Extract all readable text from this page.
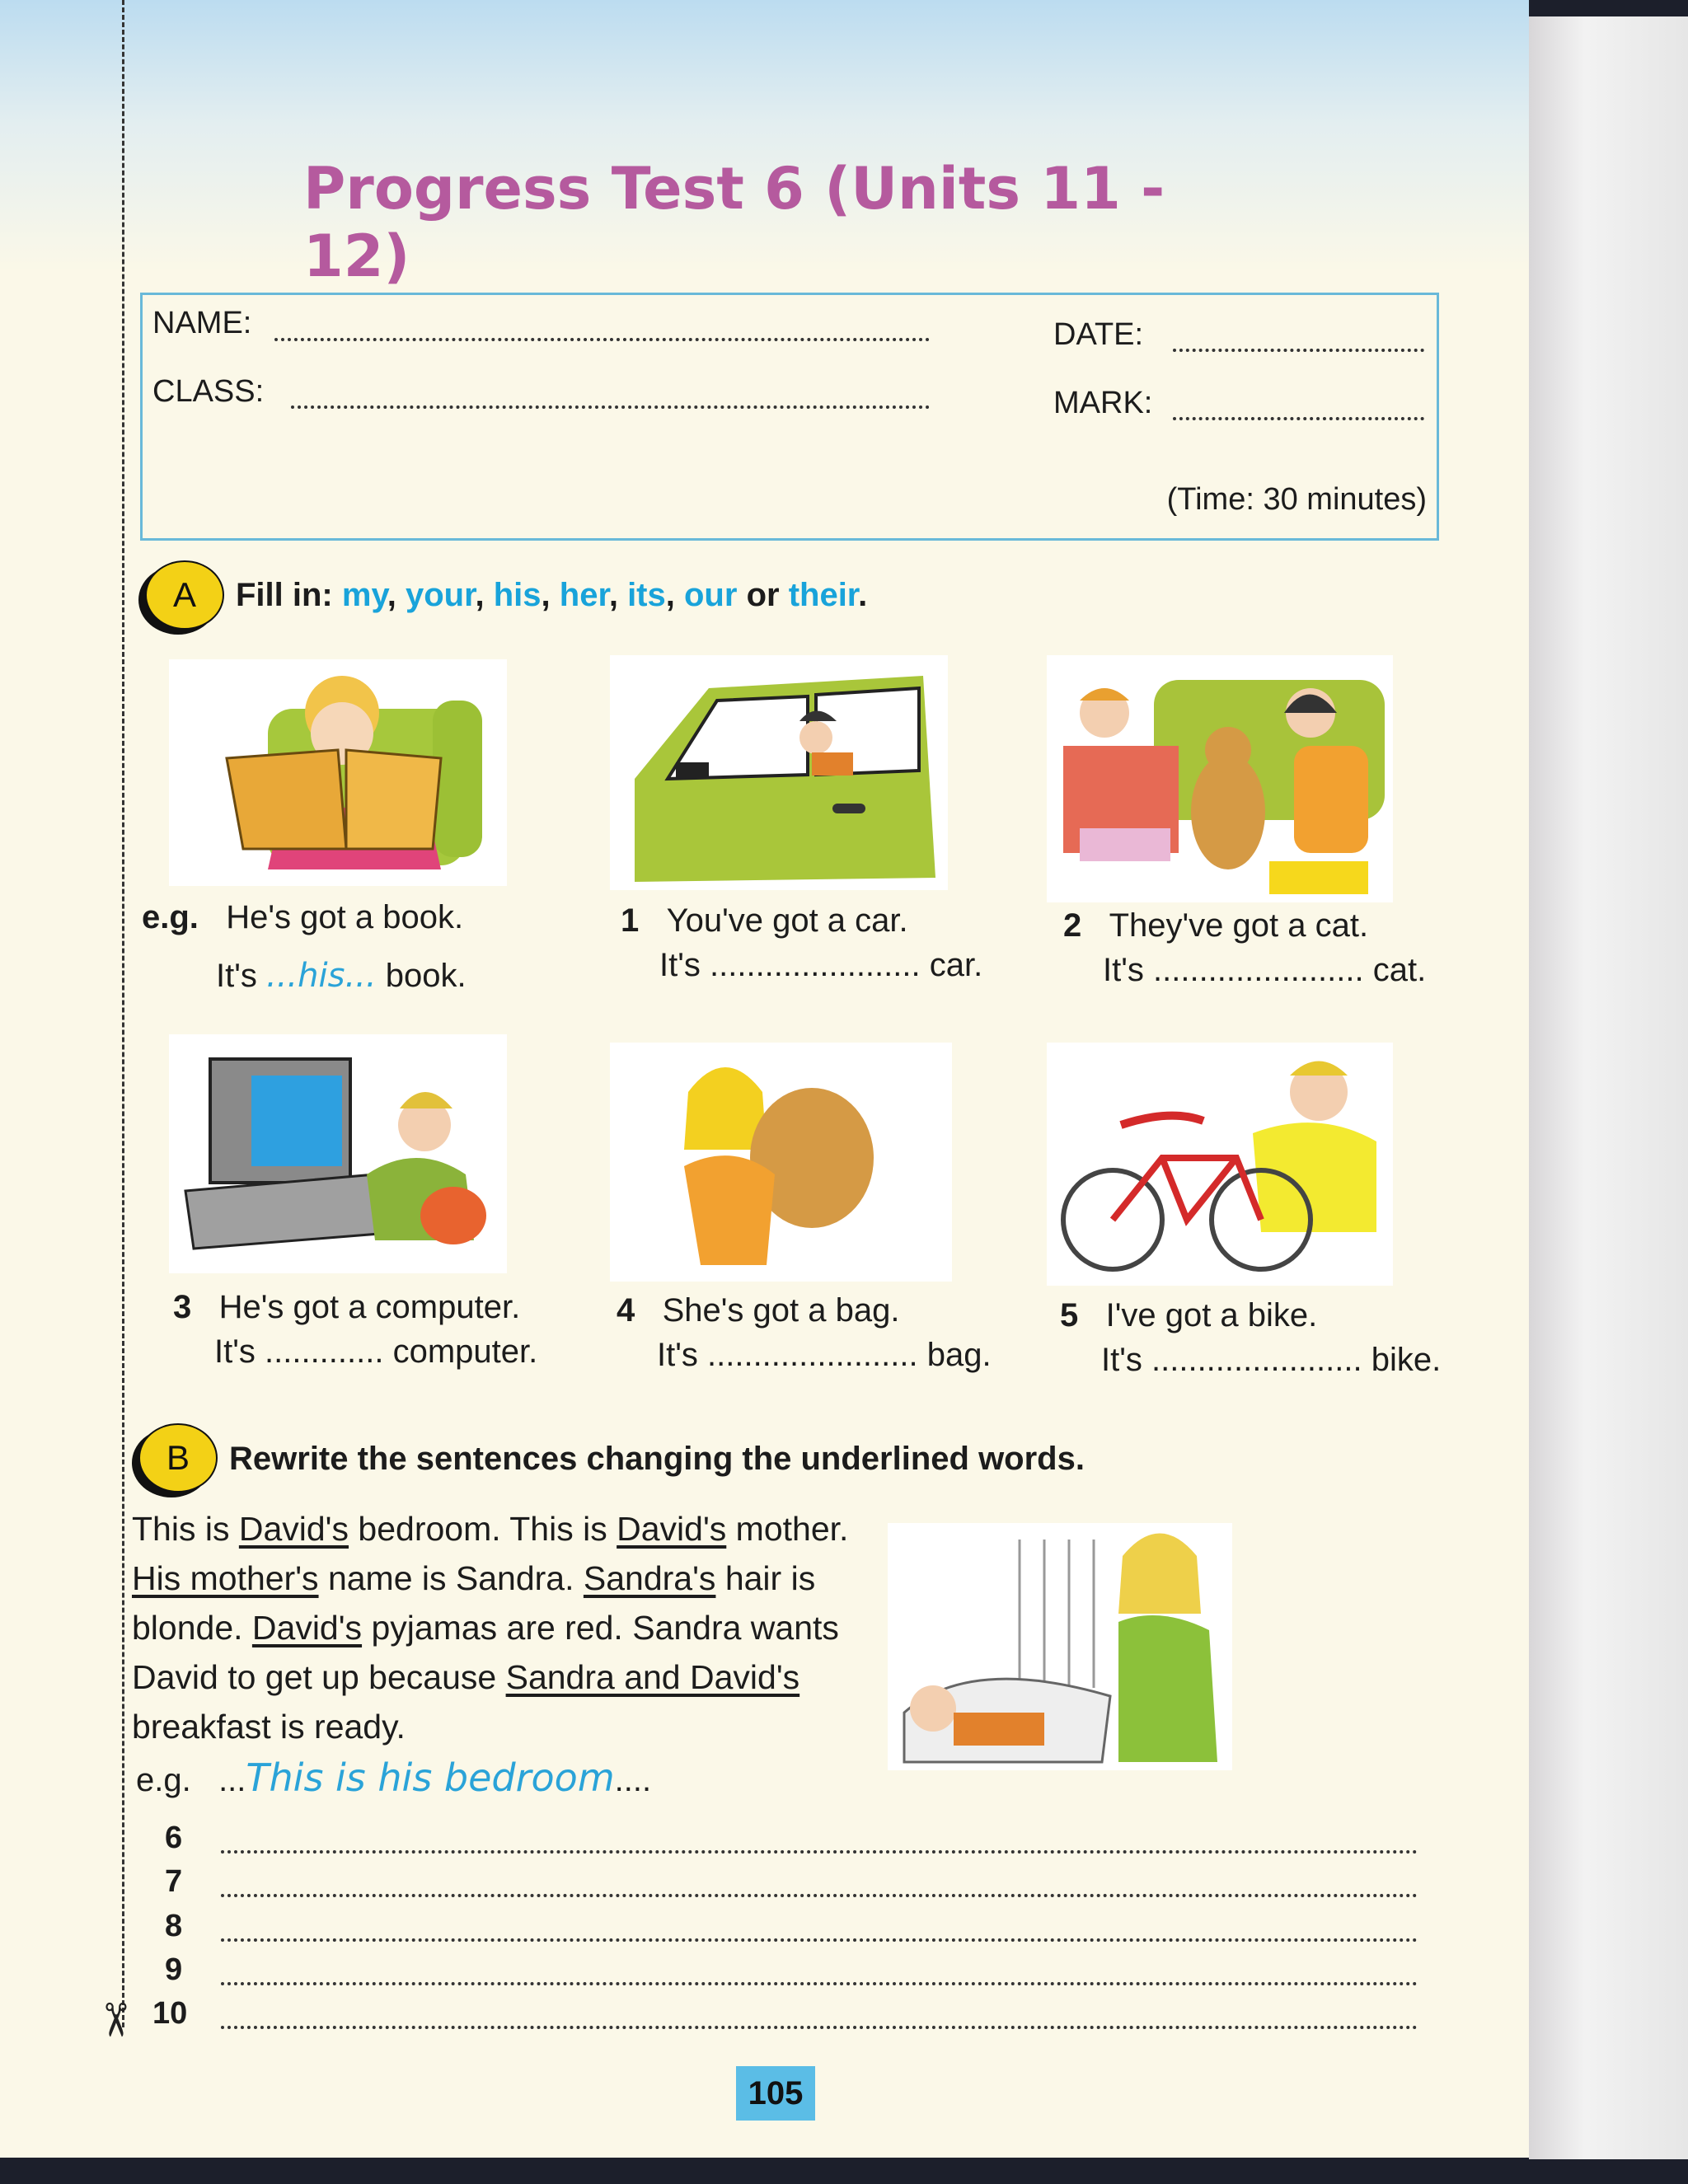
✂
Progress Test 6 (Units 11 - 12)
NAME:
CLASS:
DATE:
MARK:
(Time: 30 minutes)
A	Fill in: my, your, his, her, its, our or their.
e.g. He's got a book.
It's ...his... book.
1 You've got a car.
It's ....................... car.
2 They've got a cat.
It's ....................... cat.
3 He's got a computer.
It's ............. computer.
4 She's got a bag.
It's ....................... bag.
5 I've got a bike.
It's ....................... bike.
B	Rewrite the sentences changing the underlined words.
This is David's bedroom. This is David's mother. His mother's name is Sandra. Sandra's hair is blonde. David's pyjamas are red. Sandra wants David to get up because Sandra and David's breakfast is ready.
e.g. ...This is his bedroom....
6
7
8
9
10
105
